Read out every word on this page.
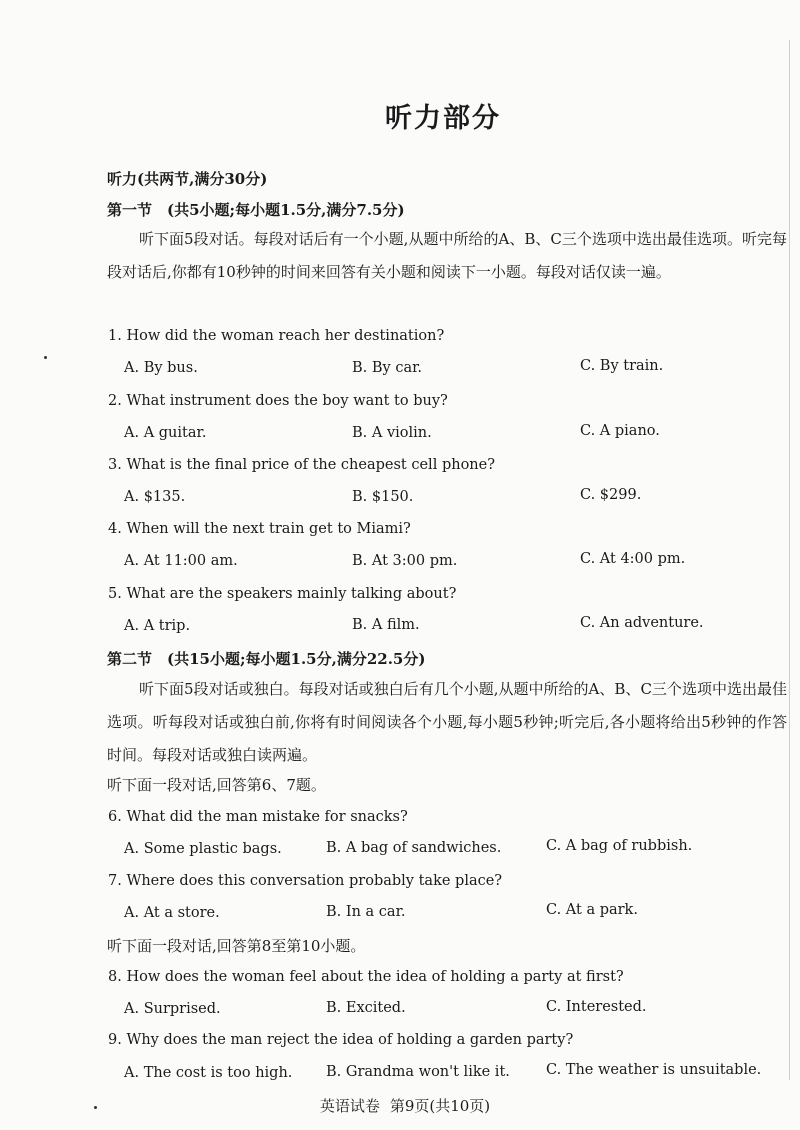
听力部分
听力(共两节,满分30分)
第一节　(共5小题;每小题1.5分,满分7.5分)
听下面5段对话。每段对话后有一个小题,从题中所给的A、B、C三个选项中选出最佳选项。听完每段对话后,你都有10秒钟的时间来回答有关小题和阅读下一小题。每段对话仅读一遍。
1. How did the woman reach her destination?
A. By bus.	B. By car.	C. By train.
2. What instrument does the boy want to buy?
A. A guitar.	B. A violin.	C. A piano.
3. What is the final price of the cheapest cell phone?
A. $135.	B. $150.	C. $299.
4. When will the next train get to Miami?
A. At 11:00 am.	B. At 3:00 pm.	C. At 4:00 pm.
5. What are the speakers mainly talking about?
A. A trip.	B. A film.	C. An adventure.
第二节　(共15小题;每小题1.5分,满分22.5分)
听下面5段对话或独白。每段对话或独白后有几个小题,从题中所给的A、B、C三个选项中选出最佳选项。听每段对话或独白前,你将有时间阅读各个小题,每小题5秒钟;听完后,各小题将给出5秒钟的作答时间。每段对话或独白读两遍。
听下面一段对话,回答第6、7题。
6. What did the man mistake for snacks?
A. Some plastic bags.	B. A bag of sandwiches.	C. A bag of rubbish.
7. Where does this conversation probably take place?
A. At a store.	B. In a car.	C. At a park.
听下面一段对话,回答第8至第10小题。
8. How does the woman feel about the idea of holding a party at first?
A. Surprised.	B. Excited.	C. Interested.
9. Why does the man reject the idea of holding a garden party?
A. The cost is too high. B. Grandma won't like it. C. The weather is unsuitable.
英语试卷 第9页(共10页)
